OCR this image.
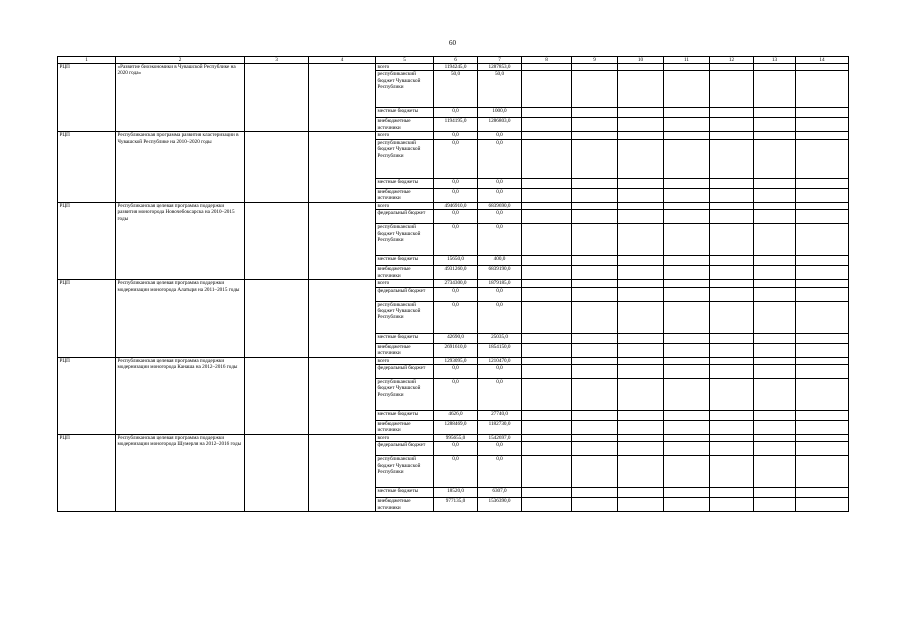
60
1	2	3	4	5	6	7	8	9	10	11	12	13	14
РЦП	«Развитие биоэкономики в Чувашской Республике на 2020 года»			всего	1194245,0	1287853,0							
				республиканский бюджет Чувашской Республики	50,0	50,0							
				местные бюджеты	0,0	1000,0							
				внебюджетные источники	1194195,0	1286803,0							
РЦП	Республиканская программа развития кластеризации в Чувашской Республике на 2010–2020 годы			всего	0,0	0,0							
				республиканский бюджет Чувашской Республики	0,0	0,0							
				местные бюджеты	0,0	0,0							
				внебюджетные источники	0,0	0,0							
РЦП	Республиканская целевая программа поддержки развития моногорода Новочебоксарска на 2010–2015 годы			всего	4946910,0	6839690,0							
				федеральный бюджет	0,0	0,0							
				республиканский бюджет Чувашской Республики	0,0	0,0							
				местные бюджеты	15650,0	400,0							
				внебюджетные источники	4931260,0	6839190,0							
РЦП	Республиканская целевая программа поддержки модернизации моногорода Алатыря на 2011–2015 годы			всего	2734300,0	1879185,0							
				федеральный бюджет	0,0	0,0							
				республиканский бюджет Чувашской Республики	0,0	0,0							
				местные бюджеты	42690,0	25035,0							
				внебюджетные источники	2691610,0	1854150,0							
РЦП	Республиканская целевая программа поддержки модернизации моногорода Канаша на 2012–2016 годы			всего	1293095,0	1210470,0							
				федеральный бюджет	0,0	0,0							
				республиканский бюджет Чувашской Республики	0,0	0,0							
				местные бюджеты	4626,0	27740,0							
				внебюджетные источники	1288469,0	1182730,0							
РЦП	Республиканская целевая программа поддержки модернизации моногорода Шумерля на 2012–2016 годы			всего	995655,0	1542697,0							
				федеральный бюджет	0,0	0,0							
				республиканский бюджет Чувашской Республики	0,0	0,0							
				местные бюджеты	18520,0	6307,0							
				внебюджетные источники	977135,0	1536390,0							
